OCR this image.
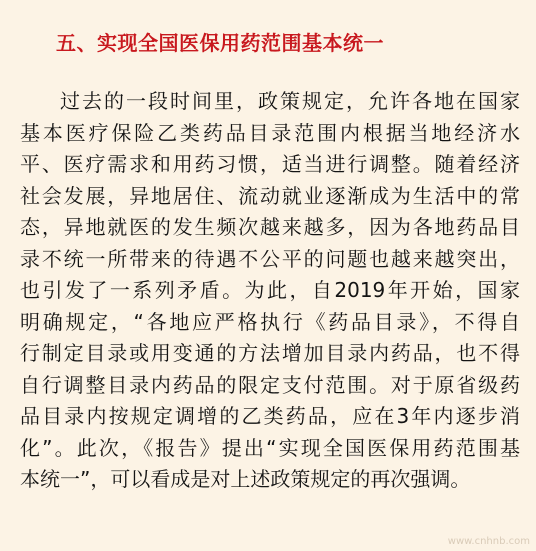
五、实现全国医保用药范围基本统一
过去的一段时间里，政策规定，允许各地在国家
基本医疗保险乙类药品目录范围内根据当地经济水
平、医疗需求和用药习惯，适当进行调整。随着经济
社会发展，异地居住、流动就业逐渐成为生活中的常
态，异地就医的发生频次越来越多，因为各地药品目
录不统一所带来的待遇不公平的问题也越来越突出，
也引发了一系列矛盾。为此，自2019年开始，国家
明确规定，“各地应严格执行《药品目录》，不得自
行制定目录或用变通的方法增加目录内药品，也不得
自行调整目录内药品的限定支付范围。对于原省级药
品目录内按规定调增的乙类药品，应在3年内逐步消
化”。此次，《报告》提出“实现全国医保用药范围基
本统一”，可以看成是对上述政策规定的再次强调。
www.cnhnb.com
